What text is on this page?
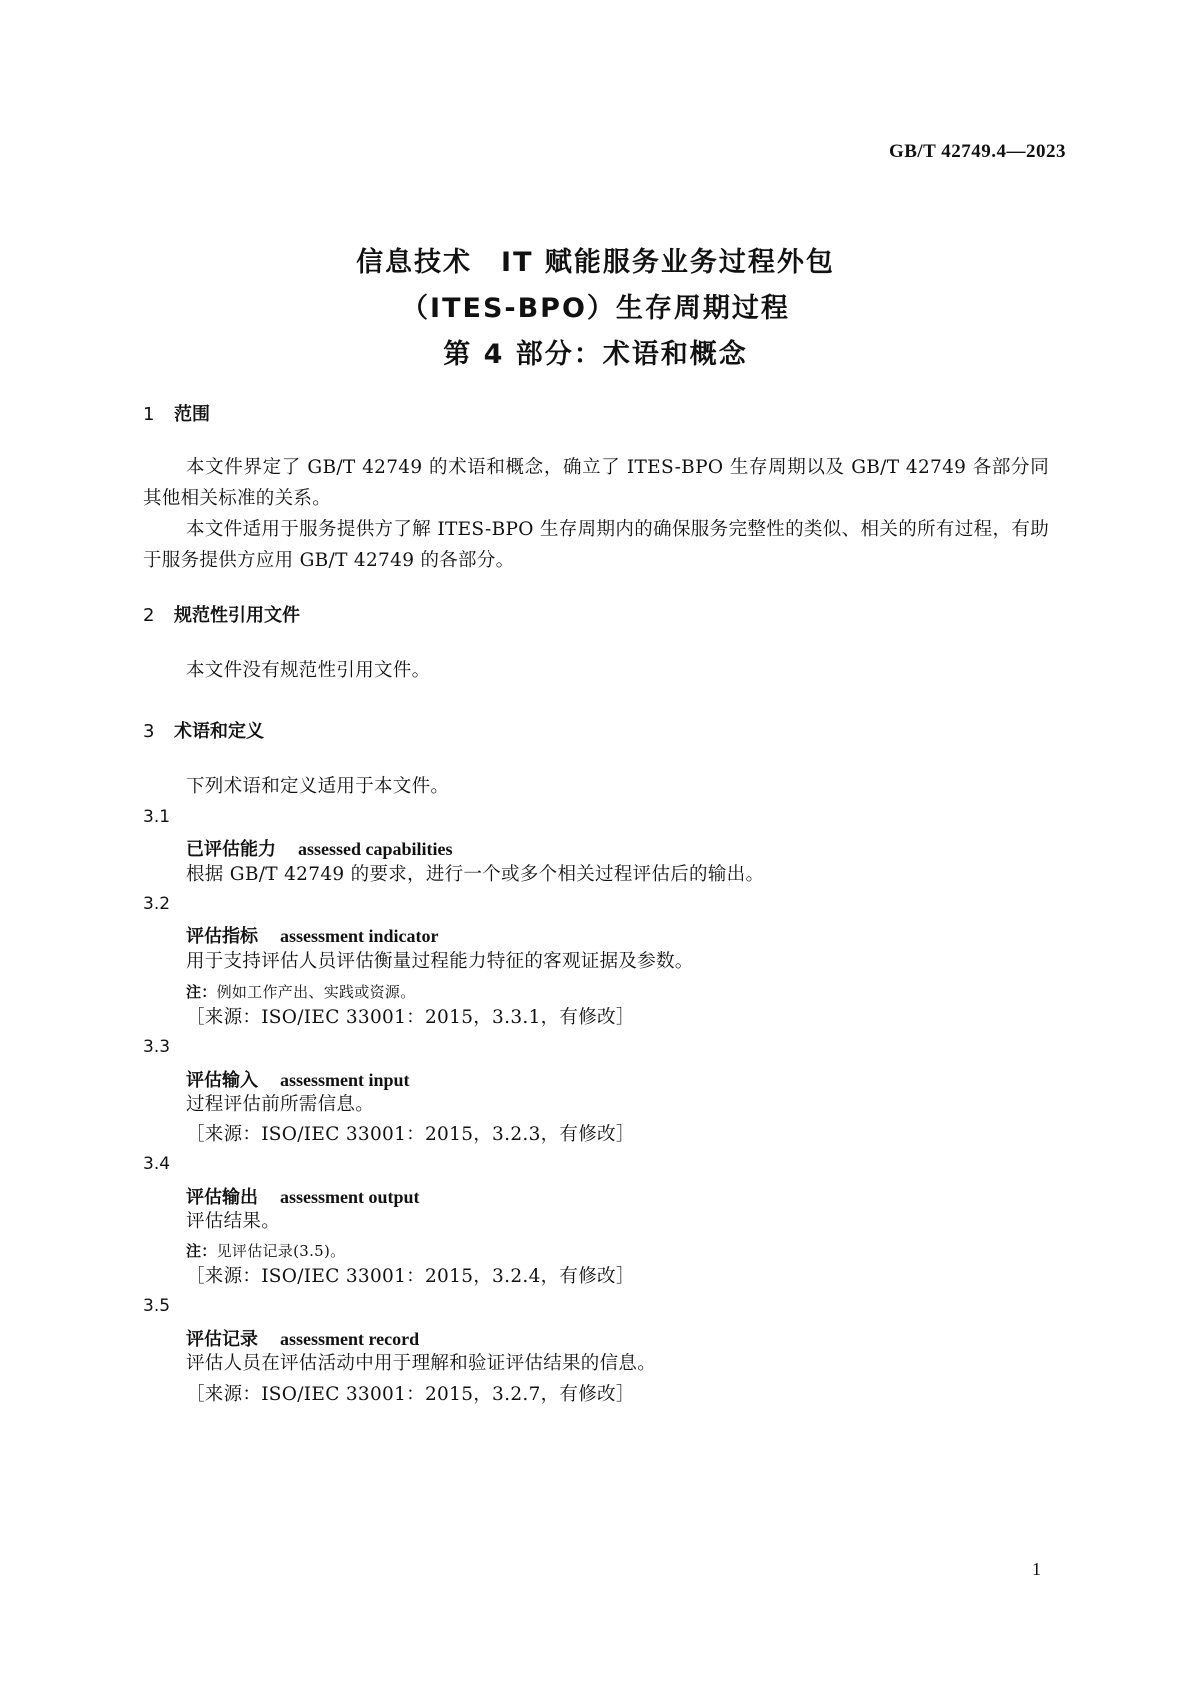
GB/T 42749.4—2023
信息技术　IT 赋能服务业务过程外包
（ITES-BPO）生存周期过程
第 4 部分：术语和概念
1 范围
本文件界定了 GB/T 42749 的术语和概念，确立了 ITES-BPO 生存周期以及 GB/T 42749 各部分同其他相关标准的关系。
本文件适用于服务提供方了解 ITES-BPO 生存周期内的确保服务完整性的类似、相关的所有过程，有助于服务提供方应用 GB/T 42749 的各部分。
2 规范性引用文件
本文件没有规范性引用文件。
3 术语和定义
下列术语和定义适用于本文件。
3.1
已评估能力 assessed capabilities
根据 GB/T 42749 的要求，进行一个或多个相关过程评估后的输出。
3.2
评估指标 assessment indicator
用于支持评估人员评估衡量过程能力特征的客观证据及参数。
注：例如工作产出、实践或资源。
［来源：ISO/IEC 33001：2015，3.3.1，有修改］
3.3
评估输入 assessment input
过程评估前所需信息。
［来源：ISO/IEC 33001：2015，3.2.3，有修改］
3.4
评估输出 assessment output
评估结果。
注：见评估记录(3.5)。
［来源：ISO/IEC 33001：2015，3.2.4，有修改］
3.5
评估记录 assessment record
评估人员在评估活动中用于理解和验证评估结果的信息。
［来源：ISO/IEC 33001：2015，3.2.7，有修改］
1
